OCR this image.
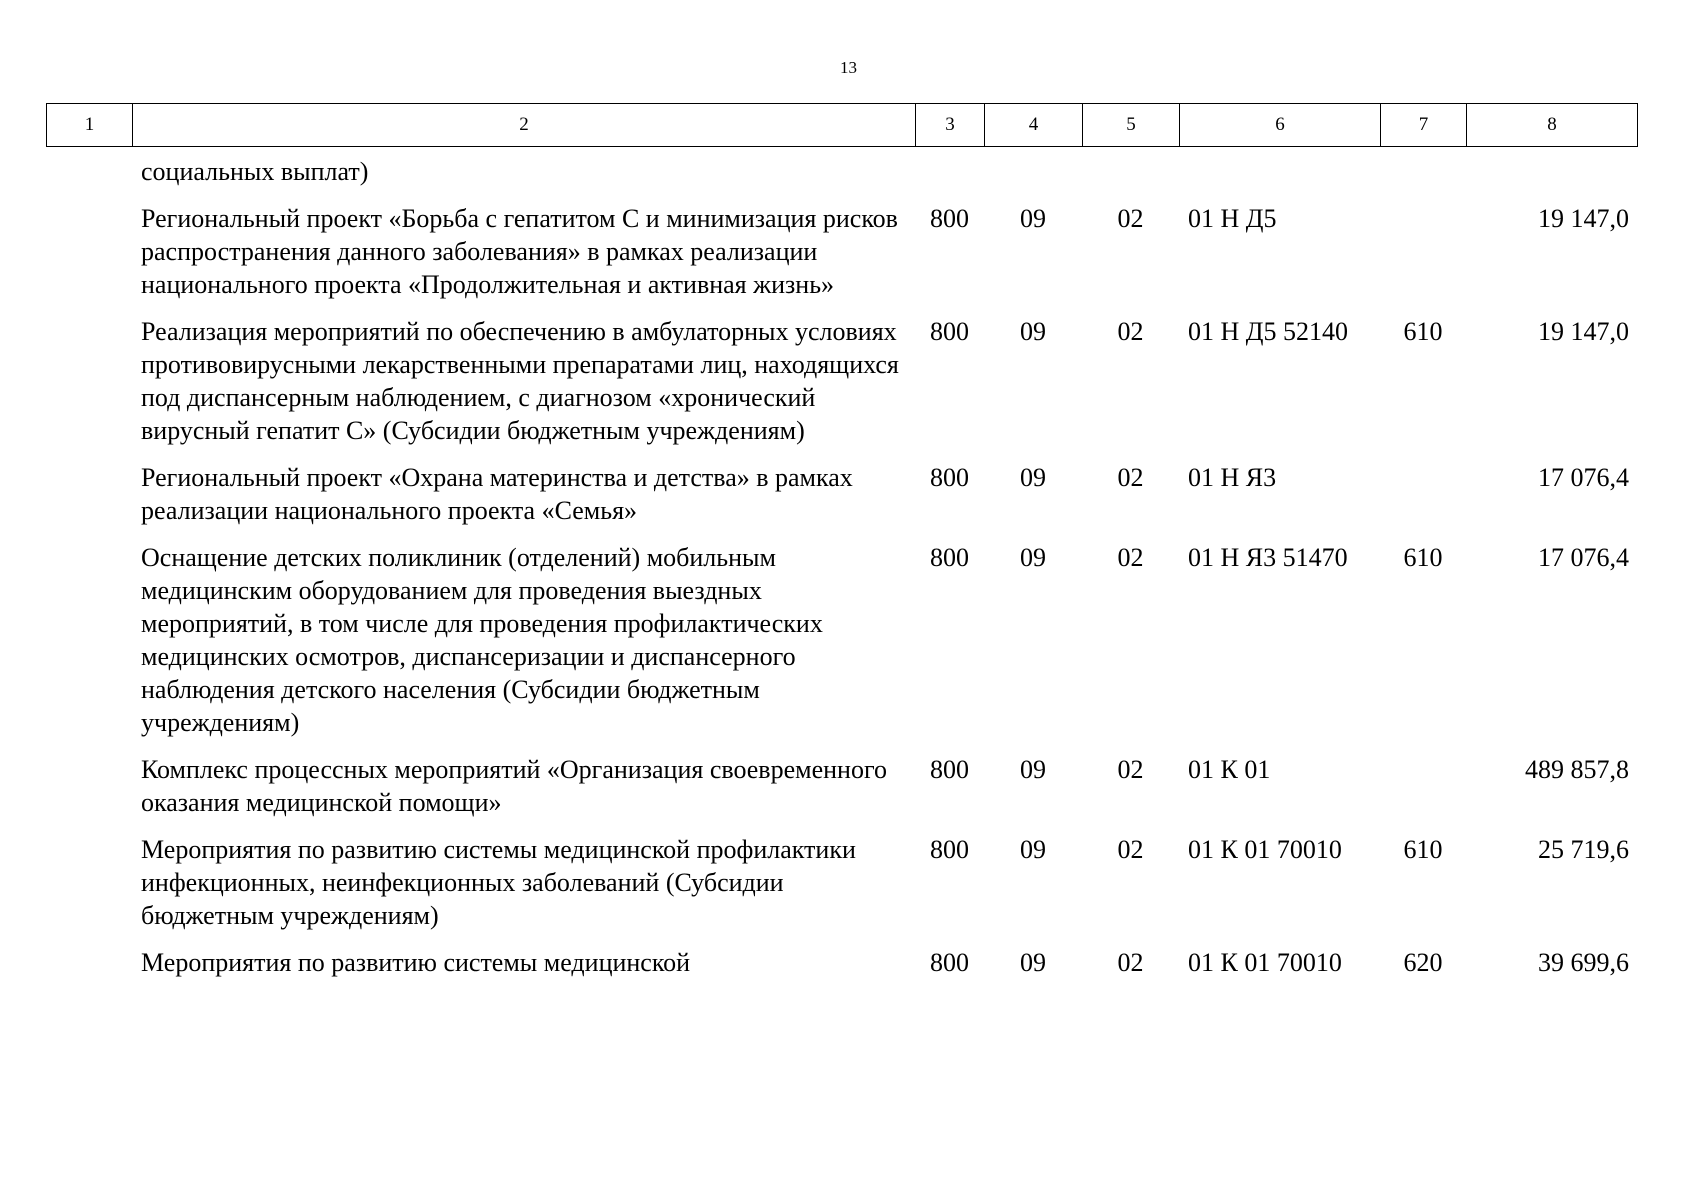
13
1	2	3	4	5	6	7	8
	социальных выплат)						
	Региональный проект «Борьба с гепатитом С и минимизация рисков распространения данного заболевания» в рамках реализации национального проекта «Продолжительная и активная жизнь»	800	09	02	01 Н Д5		19 147,0
	Реализация мероприятий по обеспечению в амбулаторных условиях противовирусными лекарственными препаратами лиц, находящихся под диспансерным наблюдением, с диагнозом «хронический вирусный гепатит С» (Субсидии бюджетным учреждениям)	800	09	02	01 Н Д5 52140	610	19 147,0
	Региональный проект «Охрана материнства и детства» в рамках реализации национального проекта «Семья»	800	09	02	01 Н Я3		17 076,4
	Оснащение детских поликлиник (отделений) мобильным медицинским оборудованием для проведения выездных мероприятий, в том числе для проведения профилактических медицинских осмотров, диспансеризации и диспансерного наблюдения детского населения (Субсидии бюджетным учреждениям)	800	09	02	01 Н Я3 51470	610	17 076,4
	Комплекс процессных мероприятий «Организация своевременного оказания медицинской помощи»	800	09	02	01 К 01		489 857,8
	Мероприятия по развитию системы медицинской профилактики инфекционных, неинфекционных заболеваний (Субсидии бюджетным учреждениям)	800	09	02	01 К 01 70010	610	25 719,6
	Мероприятия по развитию системы медицинской	800	09	02	01 К 01 70010	620	39 699,6
